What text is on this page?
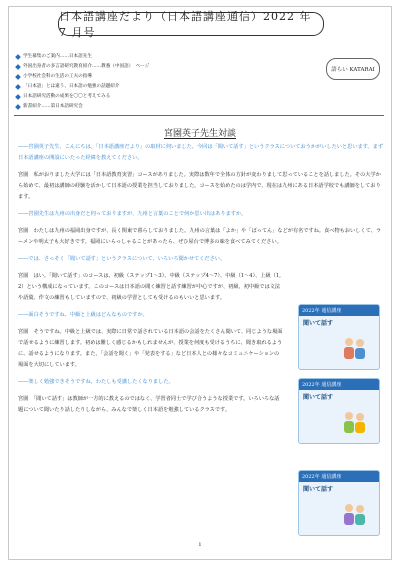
日本語講座だより（日本語講座通信）2022 年 7 月号
学生募集のご案内……日本語先生
外国出身者の多言語研究教育紹介……教養（中国語）　ページ
小学校社会科の生活の工夫の指導
「日本語」とは違う、日本語の勉強の話題紹介
日本語研究活動の成果を〇〇と考えてみる
新書紹介……第日本語研究会
語らい KATARAI
宮園英子先生対談

――宮園英子先生、こんにちは。「日本語講座だより」の取材に伺いました。今回は「聞いて話す」というクラスについておうかがいしたいと思います。まず日本語講座の開設にいたった経緯を教えてください。

宮園　私がおりました大学には「日本語教育実習」コースがありました。実際は数年で全体の方針が変わりまして思っていることを話しました。その大学から始めて、最初は講師の経験を活かして日本語の授業を担当しておりました。コースを始めたのは学内で、現在は九州にある日本語学校でも講師をしております。

――宮園先生は九州の出身だと伺っておりますが、九州と言葉のことで何か思い出はありますか。

宮園　わたしは九州の福岡出身ですが、長く関東で暮らしておりました。九州の言葉は「よか」や「ばってん」などが有名ですね。食べ物もおいしくて、ラーメンや明太子も大好きです。福岡にいらっしゃることがあったら、ぜひ屋台で博多の味を食べてみてください。

――では、さっそく「聞いて話す」というクラスについて、いろいろ聞かせてください。

宮園　はい。「聞いて話す」のコースは、初級（ステップ1〜3）、中級（ステップ4〜7）、中級（1〜4）、上級（1, 2）という構成になっています。このコースは日本語の聞く練習と話す練習が中心ですが、初級、初中級では文法や語彙、作文の練習もしていますので、初級の学習としても受けるのもいいと思います。

――面白そうですね。中級と上級はどんなものですか。

宮園　そうですね。中級と上級では、実際に日常で話されている日本語の会話をたくさん聞いて、同じような場面で話せるように練習します。初めは難しく感じるかもしれませんが、授業を何度も受けるうちに、聞き取れるように、話せるようになります。また、「会話を聞く」や「発表をする」など日本人との様々なコミュニケーションの場面を大切にしています。

――楽しく勉強できそうですね。わたしも受講したくなりました。

宮園　「聞いて話す」は教師が一方的に教えるのではなく、学習者同士で学び合うような授業です。いろいろな話題について聞いたり話したりしながら、みんなで楽しく日本語を勉強しているクラスです。

2022年 通信講座
聞いて話す
2022年 通信講座
聞いて話す
2022年 通信講座
聞いて話す
1
